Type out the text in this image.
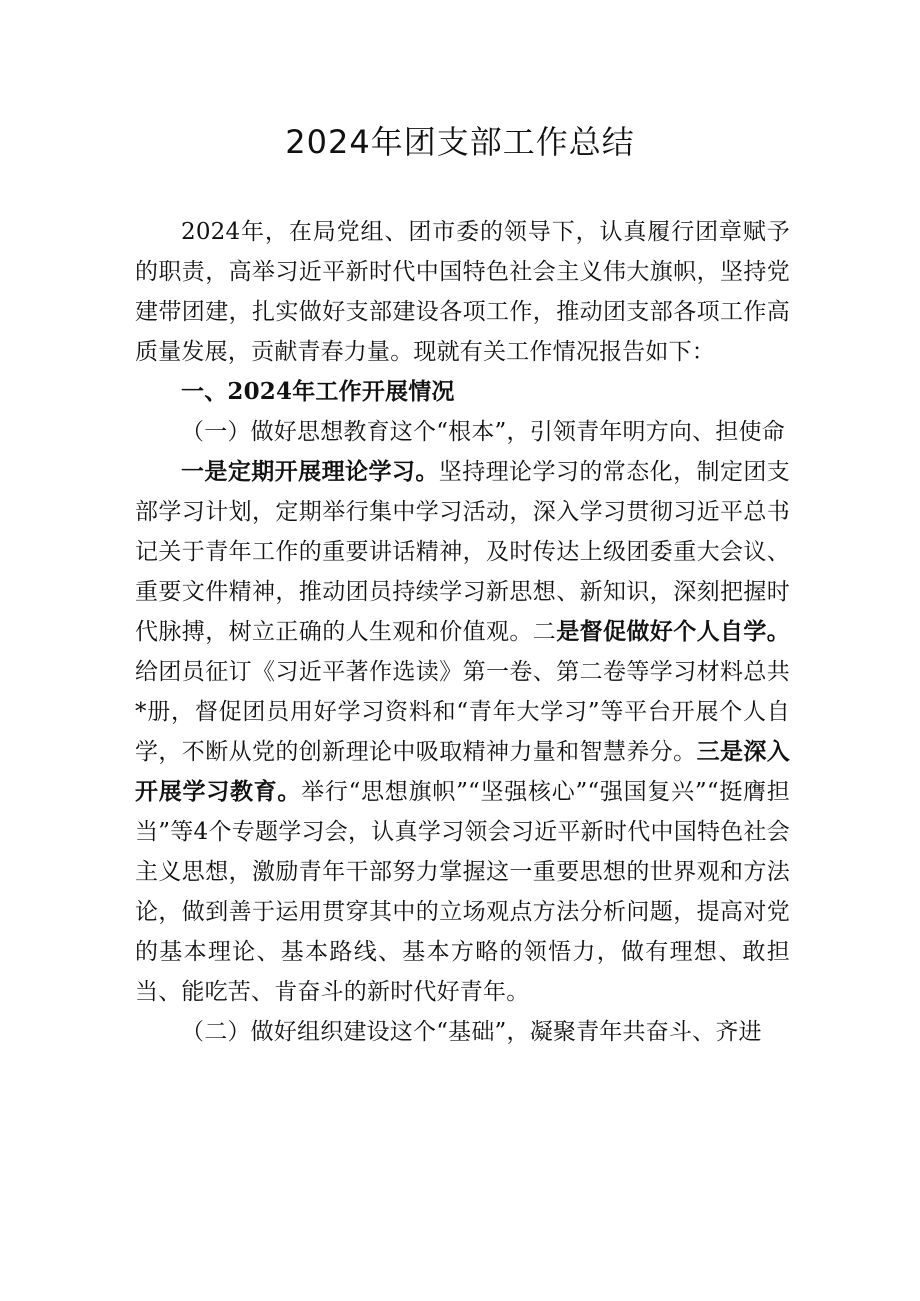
2024年团支部工作总结

2024年，在局党组、团市委的领导下，认真履行团章赋予的职责，高举习近平新时代中国特色社会主义伟大旗帜，坚持党建带团建，扎实做好支部建设各项工作，推动团支部各项工作高质量发展，贡献青春力量。现就有关工作情况报告如下：

一、2024年工作开展情况

（一）做好思想教育这个“根本”，引领青年明方向、担使命

一是定期开展理论学习。坚持理论学习的常态化，制定团支部学习计划，定期举行集中学习活动，深入学习贯彻习近平总书记关于青年工作的重要讲话精神，及时传达上级团委重大会议、重要文件精神，推动团员持续学习新思想、新知识，深刻把握时代脉搏，树立正确的人生观和价值观。二是督促做好个人自学。给团员征订《习近平著作选读》第一卷、第二卷等学习材料总共*册，督促团员用好学习资料和“青年大学习”等平台开展个人自学，不断从党的创新理论中吸取精神力量和智慧养分。三是深入开展学习教育。举行“思想旗帜”“坚强核心”“强国复兴”“挺膺担当”等4个专题学习会，认真学习领会习近平新时代中国特色社会主义思想，激励青年干部努力掌握这一重要思想的世界观和方法论，做到善于运用贯穿其中的立场观点方法分析问题，提高对党的基本理论、基本路线、基本方略的领悟力，做有理想、敢担当、能吃苦、肯奋斗的新时代好青年。

（二）做好组织建设这个“基础”，凝聚青年共奋斗、齐进
